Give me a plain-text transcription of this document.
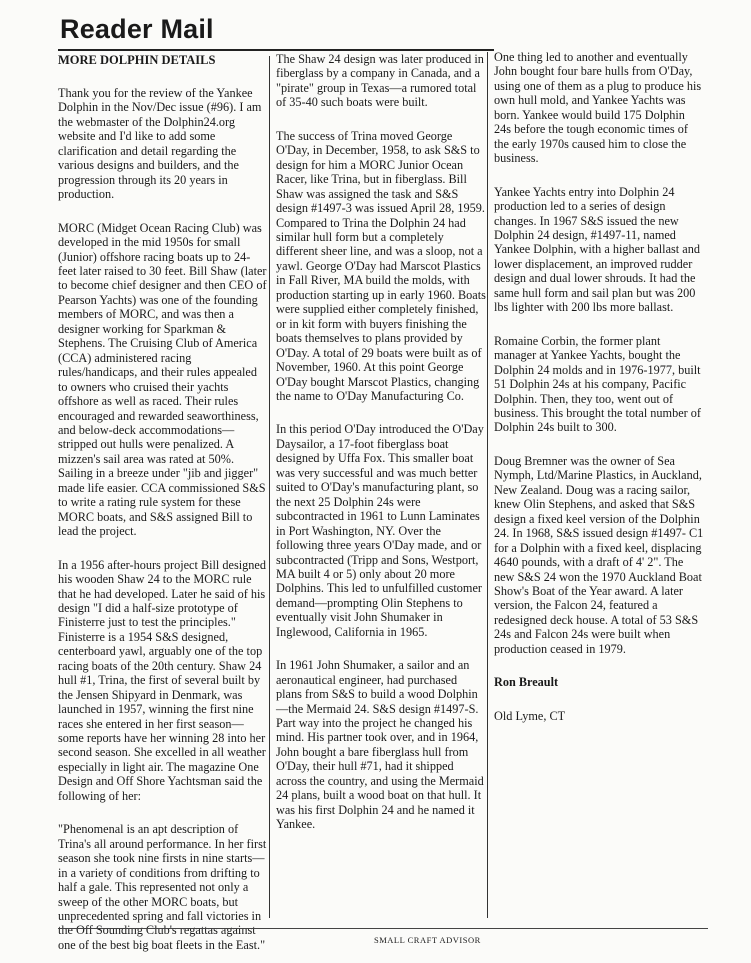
Reader Mail

MORE DOLPHIN DETAILS

Thank you for the review of the Yankee Dolphin in the Nov/Dec issue (#96). I am the webmaster of the Dolphin24.org website and I'd like to add some clarification and detail regarding the various designs and builders, and the progression through its 20 years in production.

MORC (Midget Ocean Racing Club) was developed in the mid 1950s for small (Junior) offshore racing boats up to 24-feet later raised to 30 feet. Bill Shaw (later to become chief designer and then CEO of Pearson Yachts) was one of the founding members of MORC, and was then a designer working for Sparkman & Stephens. The Cruising Club of America (CCA) administered racing rules/handicaps, and their rules appealed to owners who cruised their yachts offshore as well as raced. Their rules encouraged and rewarded seaworthiness, and below-deck accommodations—stripped out hulls were penalized. A mizzen's sail area was rated at 50%. Sailing in a breeze under "jib and jigger" made life easier. CCA commissioned S&S to write a rating rule system for these MORC boats, and S&S assigned Bill to lead the project.

In a 1956 after-hours project Bill designed his wooden Shaw 24 to the MORC rule that he had developed. Later he said of his design "I did a half-size prototype of Finisterre just to test the principles." Finisterre is a 1954 S&S designed, centerboard yawl, arguably one of the top racing boats of the 20th century. Shaw 24 hull #1, Trina, the first of several built by the Jensen Shipyard in Denmark, was launched in 1957, winning the first nine races she entered in her first season—some reports have her winning 28 into her second season. She excelled in all weather especially in light air. The magazine One Design and Off Shore Yachtsman said the following of her:

"Phenomenal is an apt description of Trina's all around performance. In her first season she took nine firsts in nine starts—in a variety of conditions from drifting to half a gale. This represented not only a sweep of the other MORC boats, but unprecedented spring and fall victories in the Off Sounding Club's regattas against one of the best big boat fleets in the East."

The Shaw 24 design was later produced in fiberglass by a company in Canada, and a "pirate" group in Texas—a rumored total of 35-40 such boats were built.

The success of Trina moved George O'Day, in December, 1958, to ask S&S to design for him a MORC Junior Ocean Racer, like Trina, but in fiberglass. Bill Shaw was assigned the task and S&S design #1497-3 was issued April 28, 1959. Compared to Trina the Dolphin 24 had similar hull form but a completely different sheer line, and was a sloop, not a yawl. George O'Day had Marscot Plastics in Fall River, MA build the molds, with production starting up in early 1960. Boats were supplied either completely finished, or in kit form with buyers finishing the boats themselves to plans provided by O'Day. A total of 29 boats were built as of November, 1960. At this point George O'Day bought Marscot Plastics, changing the name to O'Day Manufacturing Co.

In this period O'Day introduced the O'Day Daysailor, a 17-foot fiberglass boat designed by Uffa Fox. This smaller boat was very successful and was much better suited to O'Day's manufacturing plant, so the next 25 Dolphin 24s were subcontracted in 1961 to Lunn Laminates in Port Washington, NY. Over the following three years O'Day made, and or subcontracted (Tripp and Sons, Westport, MA built 4 or 5) only about 20 more Dolphins. This led to unfulfilled customer demand—prompting Olin Stephens to eventually visit John Shumaker in Inglewood, California in 1965.

In 1961 John Shumaker, a sailor and an aeronautical engineer, had purchased plans from S&S to build a wood Dolphin—the Mermaid 24. S&S design #1497-S. Part way into the project he changed his mind. His partner took over, and in 1964, John bought a bare fiberglass hull from O'Day, their hull #71, had it shipped across the country, and using the Mermaid 24 plans, built a wood boat on that hull. It was his first Dolphin 24 and he named it Yankee.

One thing led to another and eventually John bought four bare hulls from O'Day, using one of them as a plug to produce his own hull mold, and Yankee Yachts was born. Yankee would build 175 Dolphin 24s before the tough economic times of the early 1970s caused him to close the business.

Yankee Yachts entry into Dolphin 24 production led to a series of design changes. In 1967 S&S issued the new Dolphin 24 design, #1497-11, named Yankee Dolphin, with a higher ballast and lower displacement, an improved rudder design and dual lower shrouds. It had the same hull form and sail plan but was 200 lbs lighter with 200 lbs more ballast.

Romaine Corbin, the former plant manager at Yankee Yachts, bought the Dolphin 24 molds and in 1976-1977, built 51 Dolphin 24s at his company, Pacific Dolphin. Then, they too, went out of business. This brought the total number of Dolphin 24s built to 300.

Doug Bremner was the owner of Sea Nymph, Ltd/Marine Plastics, in Auckland, New Zealand. Doug was a racing sailor, knew Olin Stephens, and asked that S&S design a fixed keel version of the Dolphin 24. In 1968, S&S issued design #1497- C1 for a Dolphin with a fixed keel, displacing 4640 pounds, with a draft of 4' 2". The new S&S 24 won the 1970 Auckland Boat Show's Boat of the Year award. A later version, the Falcon 24, featured a redesigned deck house. A total of 53 S&S 24s and Falcon 24s were built when production ceased in 1979.

Ron Breault

Old Lyme, CT

SMALL CRAFT ADVISOR
